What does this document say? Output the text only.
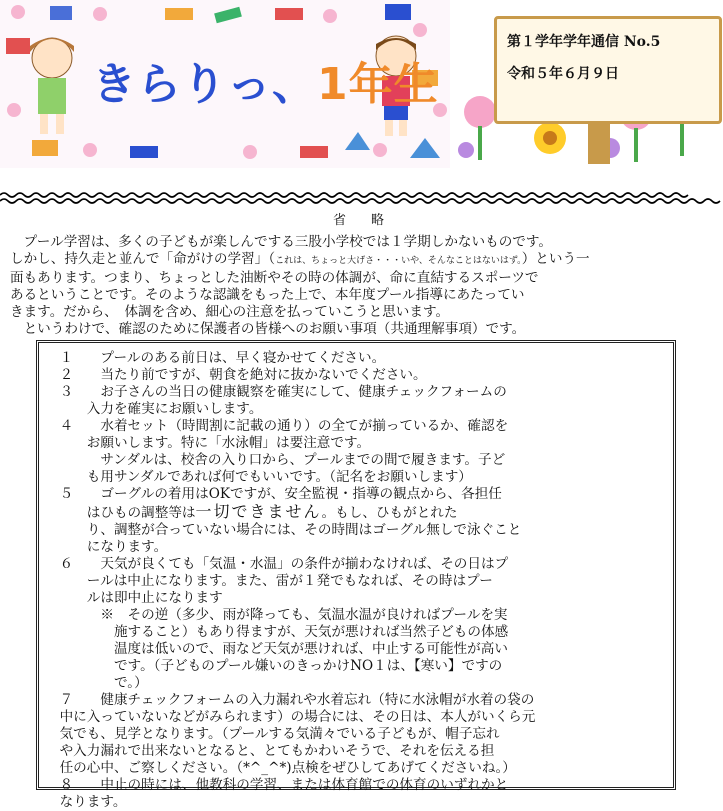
きらりっ、1年生
第１学年学年通信 No.5
令和５年６月９日
省　略

　プール学習は、多くの子どもが楽しんでする三股小学校では１学期しかないものです。

しかし、持久走と並んで「命がけの学習」（これは、ちょっと大げさ・・・いや、そんなことはないはず。）という一

面もあります。つまり、ちょっとした油断やその時の体調が、命に直結するスポーツで

あるということです。そのような認識をもった上で、本年度プール指導にあたってい

きます。だから、　体調を含め、細心の注意を払っていこうと思います。

　というわけで、確認のために保護者の皆様へのお願い事項（共通理解事項）です。

　１　　プールのある前日は、早く寝かせてください。

　２　　当たり前ですが、朝食を絶対に抜かないでください。

　３　　お子さんの当日の健康観察を確実にして、健康チェックフォームの

　　　入力を確実にお願いします。

　４　　水着セット（時間割に記載の通り）の全てが揃っているか、確認を

　　　お願いします。特に「水泳帽」は要注意です。

　　　　サンダルは、校舎の入り口から、プールまでの間で履きます。子ど

　　　も用サンダルであれば何でもいいです。（記名をお願いします）

　５　　ゴーグルの着用はOKですが、安全監視・指導の観点から、各担任

　　　はひもの調整等は一切できません。もし、ひもがとれた

　　　り、調整が合っていない場合には、その時間はゴーグル無しで泳ぐこと

　　　になります。

　６　　天気が良くても「気温・水温」の条件が揃わなければ、その日はプ

　　　ールは中止になります。また、雷が１発でもなれば、その時はプー

　　　ルは即中止になります

　　　　※　その逆（多少、雨が降っても、気温水温が良ければプールを実

　　　　　施すること）もあり得ますが、天気が悪ければ当然子どもの体感

　　　　　温度は低いので、雨など天気が悪ければ、中止する可能性が高い

　　　　　です。（子どものプール嫌いのきっかけNO１は、【寒い】ですの

　　　　　で。）

　７　　健康チェックフォームの入力漏れや水着忘れ（特に水泳帽が水着の袋の

　中に入っていないなどがみられます）の場合には、その日は、本人がいくら元

　気でも、見学となります。（プールする気満々でいる子どもが、帽子忘れ

　や入力漏れで出来ないとなると、とてもかわいそうで、それを伝える担

　任の心中、ご察しください。（*^_^*)点検をぜひしてあげてくださいね。）

　８　　中止の時には、他教科の学習、または体育館での体育のいずれかと

　なります。
